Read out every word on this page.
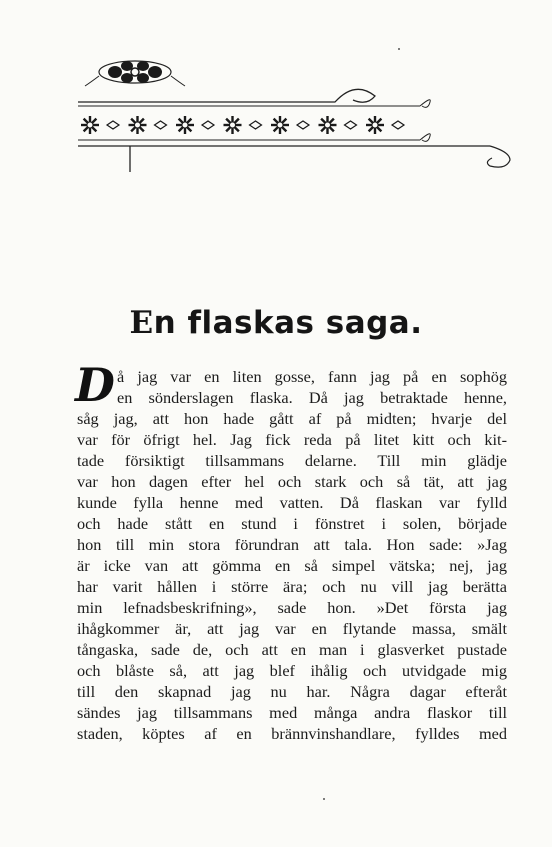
En flaskas saga.
D å jag var en liten gosse, fann jag på en sophög
en sönderslagen flaska. Då jag betraktade henne,
såg jag, att hon hade gått af på midten; hvarje del
var för öfrigt hel. Jag fick reda på litet kitt och kit-
tade försiktigt tillsammans delarne. Till min glädje
var hon dagen efter hel och stark och så tät, att jag
kunde fylla henne med vatten. Då flaskan var fylld
och hade stått en stund i fönstret i solen, började
hon till min stora förundran att tala. Hon sade: »Jag
är icke van att gömma en så simpel vätska; nej, jag
har varit hållen i större ära; och nu vill jag berätta
min lefnadsbeskrifning», sade hon. »Det första jag
ihågkommer är, att jag var en flytande massa, smält
tångaska, sade de, och att en man i glasverket pustade
och blåste så, att jag blef ihålig och utvidgade mig
till den skapnad jag nu har. Några dagar efteråt
sändes jag tillsammans med många andra flaskor till
staden, köptes af en brännvinshandlare, fylldes med
